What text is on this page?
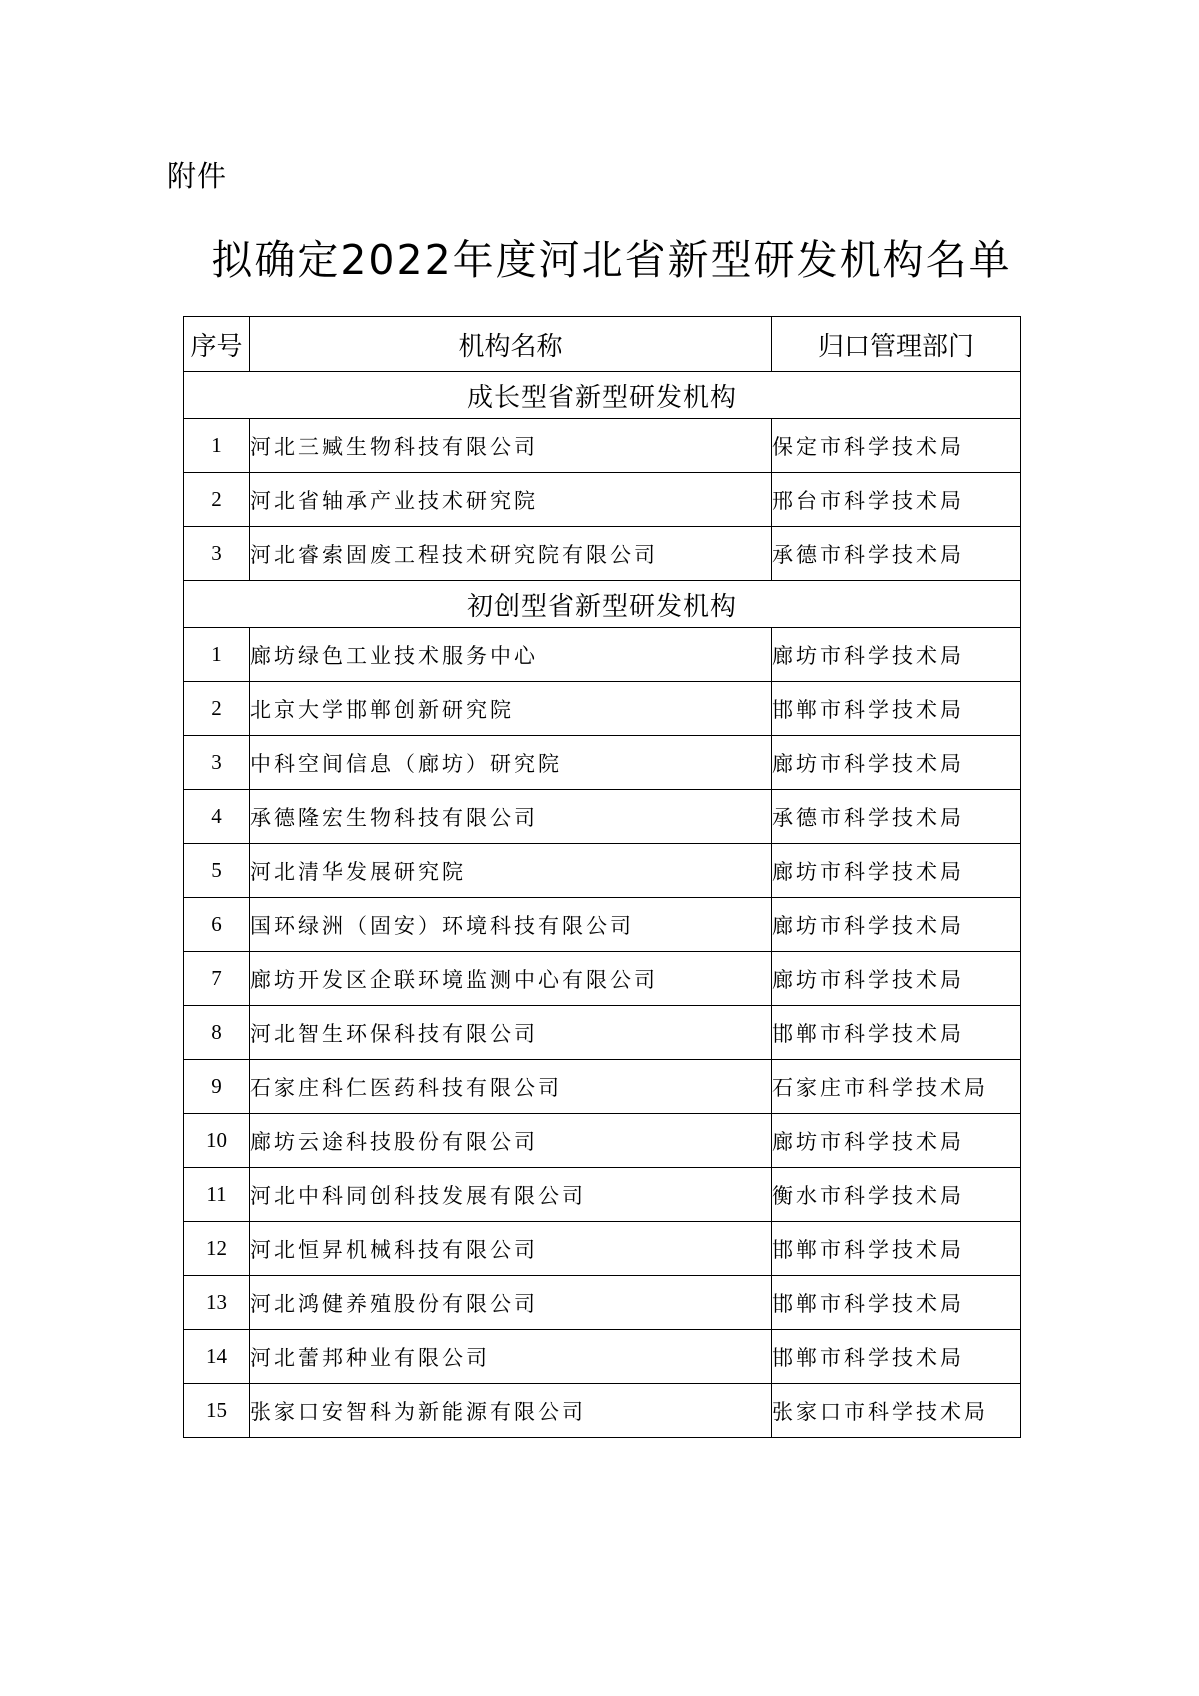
附件
拟确定2022年度河北省新型研发机构名单
序号	机构名称	归口管理部门
成长型省新型研发机构		
1	河北三臧生物科技有限公司	保定市科学技术局
2	河北省轴承产业技术研究院	邢台市科学技术局
3	河北睿索固废工程技术研究院有限公司	承德市科学技术局
初创型省新型研发机构		
1	廊坊绿色工业技术服务中心	廊坊市科学技术局
2	北京大学邯郸创新研究院	邯郸市科学技术局
3	中科空间信息（廊坊）研究院	廊坊市科学技术局
4	承德隆宏生物科技有限公司	承德市科学技术局
5	河北清华发展研究院	廊坊市科学技术局
6	国环绿洲（固安）环境科技有限公司	廊坊市科学技术局
7	廊坊开发区企联环境监测中心有限公司	廊坊市科学技术局
8	河北智生环保科技有限公司	邯郸市科学技术局
9	石家庄科仁医药科技有限公司	石家庄市科学技术局
10	廊坊云途科技股份有限公司	廊坊市科学技术局
11	河北中科同创科技发展有限公司	衡水市科学技术局
12	河北恒昇机械科技有限公司	邯郸市科学技术局
13	河北鸿健养殖股份有限公司	邯郸市科学技术局
14	河北蕾邦种业有限公司	邯郸市科学技术局
15	张家口安智科为新能源有限公司	张家口市科学技术局
